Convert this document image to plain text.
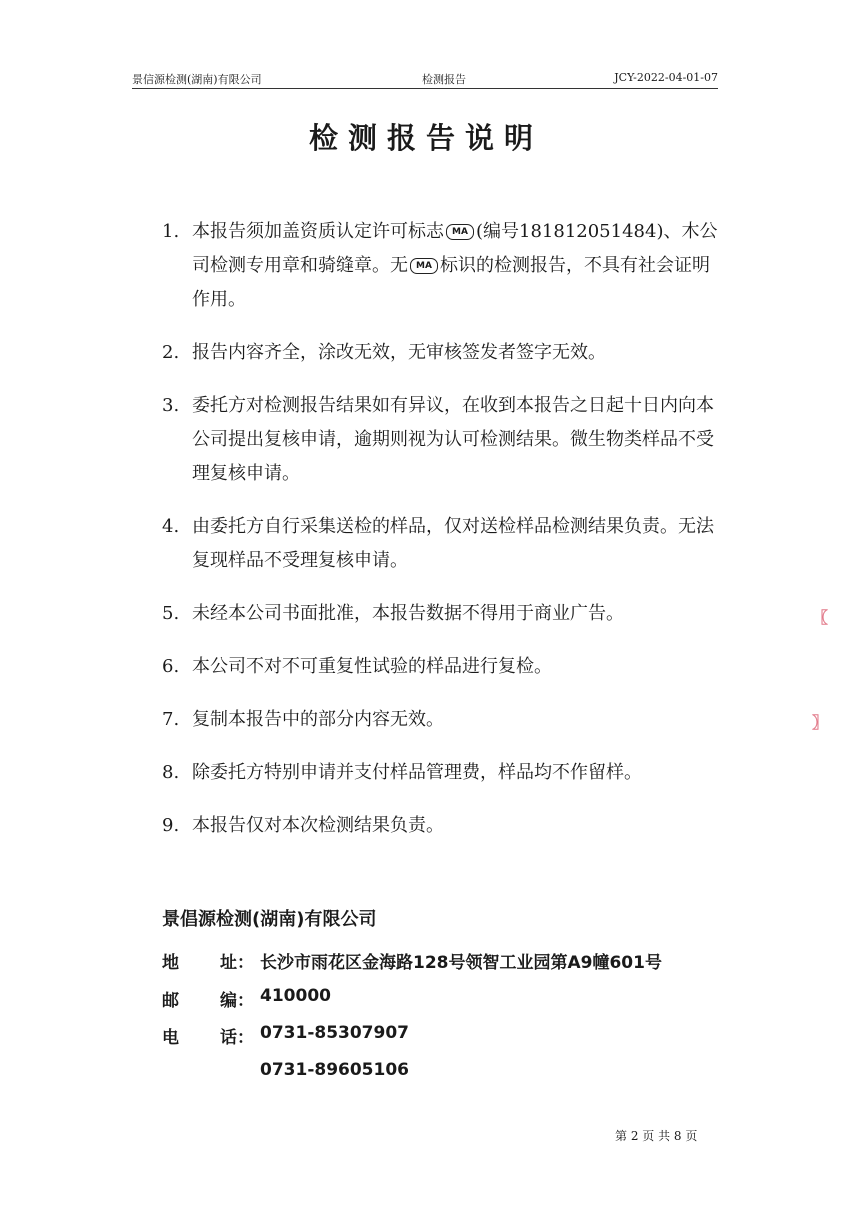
景信源检测(湖南)有限公司	检测报告	JCY-2022-04-01-07
检测报告说明
1. 本报告须加盖资质认定许可标志 MA (编号181812051484)、木公司检测专用章和骑缝章。无 MA 标识的检测报告，不具有社会证明作用。
2. 报告内容齐全，涂改无效，无审核签发者签字无效。
3. 委托方对检测报告结果如有异议，在收到本报告之日起十日内向本公司提出复核申请，逾期则视为认可检测结果。微生物类样品不受理复核申请。
4. 由委托方自行采集送检的样品，仅对送检样品检测结果负责。无法复现样品不受理复核申请。
5. 未经本公司书面批准，本报告数据不得用于商业广告。
6. 本公司不对不可重复性试验的样品进行复检。
7. 复制本报告中的部分内容无效。
8. 除委托方特别申请并支付样品管理费，样品均不作留样。
9. 本报告仅对本次检测结果负责。
景倡源检测(湖南)有限公司
地 址： 长沙市雨花区金海路128号领智工业园第A9幢601号
邮 编： 410000
电 话： 0731-85307907
0731-89605106
第 2 页 共 8 页
〖
〗
